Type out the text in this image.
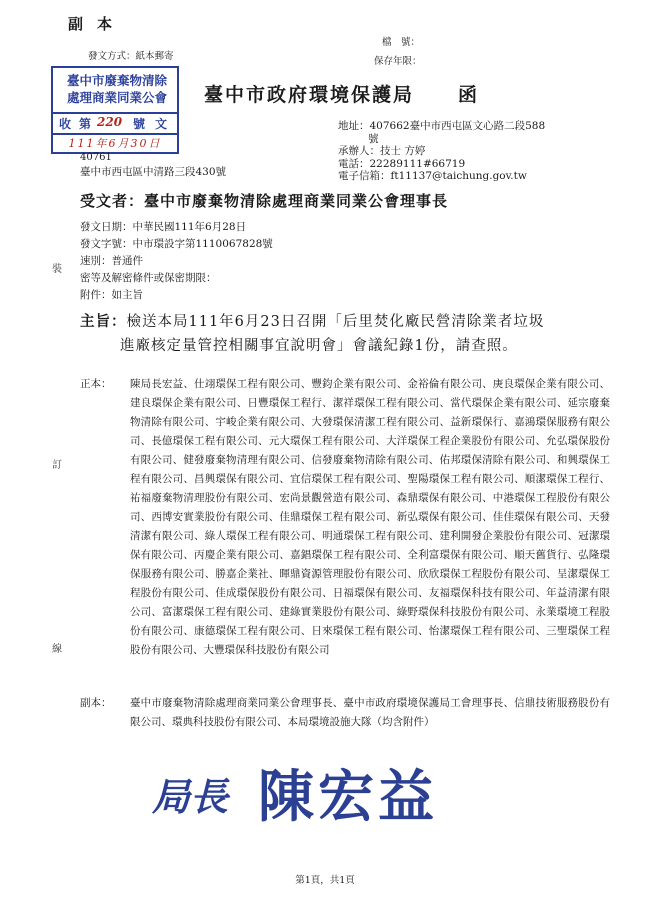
副本
發文方式：紙本郵寄
檔　號：
保存年限：
臺中市廢棄物清除
處理商業同業公會
收 第 220 號 文
111年6月30日
臺中市政府環境保護局 函
地址：407662臺中市西屯區文心路二段588
號
承辦人：技士 方婷
電話：22289111#66719
電子信箱：ft11137@taichung.gov.tw
40761
臺中市西屯區中清路三段430號
受文者：臺中市廢棄物清除處理商業同業公會理事長
發文日期：中華民國111年6月28日
發文字號：中市環設字第1110067828號
速別：普通件
密等及解密條件或保密期限：
附件：如主旨
裝
訂
線
主旨：檢送本局111年6月23日召開「后里焚化廠民營清除業者垃圾
進廠核定量管控相關事宜說明會」會議紀錄1份，請查照。
正本： 陳局長宏益、仕翊環保工程有限公司、豐鈞企業有限公司、金裕倫有限公司、庚良環保企業有限公司、建良環保企業有限公司、日豐環保工程行、潔祥環保工程有限公司、當代環保企業有限公司、延宗廢棄物清除有限公司、宇峻企業有限公司、大發環保清潔工程有限公司、益新環保行、嘉鴻環保服務有限公司、長億環保工程有限公司、元大環保工程有限公司、大洋環保工程企業股份有限公司、允弘環保股份有限公司、健發廢棄物清理有限公司、信發廢棄物清除有限公司、佑邦環保清除有限公司、和興環保工程有限公司、昌興環保有限公司、宜信環保工程有限公司、聖陽環保工程有限公司、順潔環保工程行、祐福廢棄物清理股份有限公司、宏尚景觀營造有限公司、森鼎環保有限公司、中港環保工程股份有限公司、西博安實業股份有限公司、佳鼎環保工程有限公司、新弘環保有限公司、佳佳環保有限公司、天發清潔有限公司、綠人環保工程有限公司、明通環保工程有限公司、建利開發企業股份有限公司、冠潔環保有限公司、丙慶企業有限公司、嘉錩環保工程有限公司、全利富環保有限公司、順天舊貨行、弘隆環保服務有限公司、勝嘉企業社、暉鼎資源管理股份有限公司、欣欣環保工程股份有限公司、呈潔環保工程股份有限公司、佳成環保股份有限公司、日福環保有限公司、友福環保科技有限公司、年益清潔有限公司、富潔環保工程有限公司、建綠實業股份有限公司、綠野環保科技股份有限公司、永業環境工程股份有限公司、康德環保工程有限公司、日來環保工程有限公司、怡潔環保工程有限公司、三聖環保工程股份有限公司、大豐環保科技股份有限公司
副本： 臺中市廢棄物清除處理商業同業公會理事長、臺中市政府環境保護局工會理事長、信鼎技術服務股份有限公司、環典科技股份有限公司、本局環境設施大隊（均含附件）
局長 陳宏益
第1頁，共1頁
